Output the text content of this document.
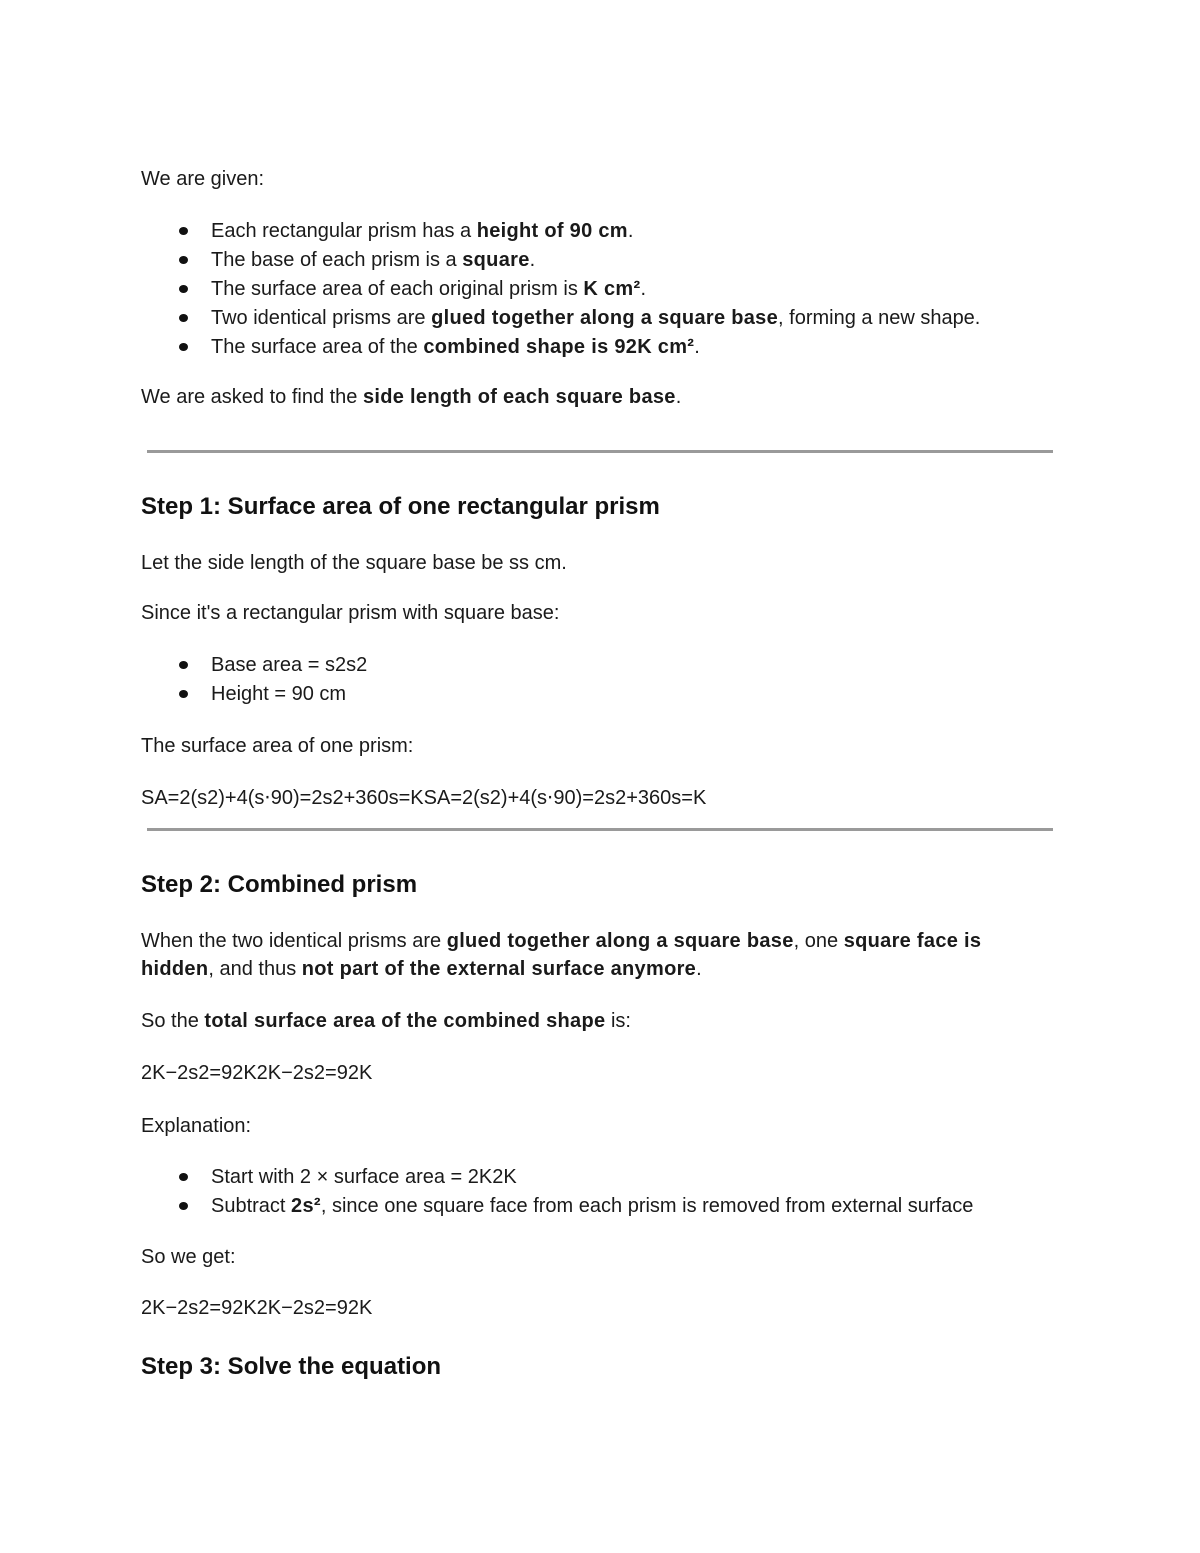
We are given:

Each rectangular prism has a height of 90 cm.
The base of each prism is a square.
The surface area of each original prism is K cm².
Two identical prisms are glued together along a square base, forming a new shape.
The surface area of the combined shape is 92K cm².

We are asked to find the side length of each square base.

Step 1: Surface area of one rectangular prism

Let the side length of the square base be ss cm.

Since it's a rectangular prism with square base:

Base area = s2s2
Height = 90 cm

The surface area of one prism:

SA=2(s2)+4(s⋅90)=2s2+360s=KSA=2(s2)+4(s⋅90)=2s2+360s=K

Step 2: Combined prism

When the two identical prisms are glued together along a square base, one square face is hidden, and thus not part of the external surface anymore.

So the total surface area of the combined shape is:

2K−2s2=92K2K−2s2=92K

Explanation:

Start with 2 × surface area = 2K2K
Subtract 2s², since one square face from each prism is removed from external surface

So we get:

2K−2s2=92K2K−2s2=92K

Step 3: Solve the equation
